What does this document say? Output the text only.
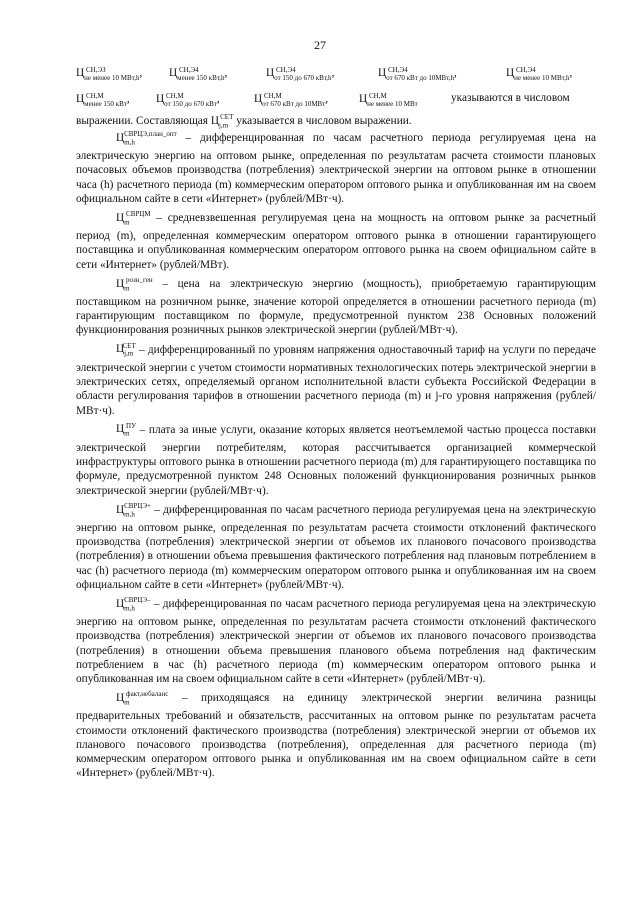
27
Ц СН,ЭЗ
не менее 10 МВт,h, Ц СН,Э4
менее 150 кВт,h,	Ц СН,Э4
от 150 до 670 кВт,h,	Ц СН,Э4
от 670 кВт до 10МВт,h,	Ц СН,Э4
не менее 10 МВт,h,
Ц СН,М
менее 150 кВт, Ц СН,М
от 150 до 670 кВт,	Ц СН,М
от 670 кВт до 10МВт,	Ц СН,М
не менее 10 МВт	указываются в числовом
выражении. Составляющая $Ц_{j,m}^{СЕТ}$ указывается в числовом выражении.

$Ц_{m,h}^{СВРЦЭ,план\_опт}$ – дифференцированная по часам расчетного периода регулируемая цена на электрическую энергию на оптовом рынке, определенная по результатам расчета стоимости плановых почасовых объемов производства (потребления) электрической энергии на оптовом рынке в отношении часа (h) расчетного периода (m) коммерческим оператором оптового рынка и опубликованная им на своем официальном сайте в сети «Интернет» (рублей/МВт·ч).

$Ц_m^{СВРЦМ}$ – средневзвешенная регулируемая цена на мощность на оптовом рынке за расчетный период (m), определенная коммерческим оператором оптового рынка в отношении гарантирующего поставщика и опубликованная коммерческим оператором оптового рынка на своем официальном сайте в сети «Интернет» (рублей/МВт).

$Ц_m^{розн\_ген}$ – цена на электрическую энергию (мощность), приобретаемую гарантирующим поставщиком на розничном рынке, значение которой определяется в отношении расчетного периода (m) гарантирующим поставщиком по формуле, предусмотренной пунктом 238 Основных положений функционирования розничных рынков электрической энергии (рублей/МВт·ч).

$Ц_{j,m}^{СЕТ}$ – дифференцированный по уровням напряжения одноставочный тариф на услуги по передаче электрической энергии с учетом стоимости нормативных технологических потерь электрической энергии в электрических сетях, определяемый органом исполнительной власти субъекта Российской Федерации в области регулирования тарифов в отношении расчетного периода (m) и j-го уровня напряжения (рублей/МВт·ч).

$Ц_m^{ПУ}$ – плата за иные услуги, оказание которых является неотъемлемой частью процесса поставки электрической энергии потребителям, которая рассчитывается организацией коммерческой инфраструктуры оптового рынка в отношении расчетного периода (m) для гарантирующего поставщика по формуле, предусмотренной пунктом 248 Основных положений функционирования розничных рынков электрической энергии (рублей/МВт·ч).

$Ц_{m,h}^{СВРЦЭ+}$ – дифференцированная по часам расчетного периода регулируемая цена на электрическую энергию на оптовом рынке, определенная по результатам расчета стоимости отклонений фактического производства (потребления) электрической энергии от объемов их планового почасового производства (потребления) в отношении объема превышения фактического потребления над плановым потреблением в час (h) расчетного периода (m) коммерческим оператором оптового рынка и опубликованная им на своем официальном сайте в сети «Интернет» (рублей/МВт·ч).

$Ц_{m,h}^{СВРЦЭ-}$ – дифференцированная по часам расчетного периода регулируемая цена на электрическую энергию на оптовом рынке, определенная по результатам расчета стоимости отклонений фактического производства (потребления) электрической энергии от объемов их планового почасового производства (потребления) в отношении объема превышения планового объема потребления над фактическим потреблением в час (h) расчетного периода (m) коммерческим оператором оптового рынка и опубликованная им на своем официальном сайте в сети «Интернет» (рублей/МВт·ч).

$Ц_m^{факт,небаланс}$ – приходящаяся на единицу электрической энергии величина разницы предварительных требований и обязательств, рассчитанных на оптовом рынке по результатам расчета стоимости отклонений фактического производства (потребления) электрической энергии от объемов их планового почасового производства (потребления), определенная для расчетного периода (m) коммерческим оператором оптового рынка и опубликованная им на своем официальном сайте в сети «Интернет» (рублей/МВт·ч).
